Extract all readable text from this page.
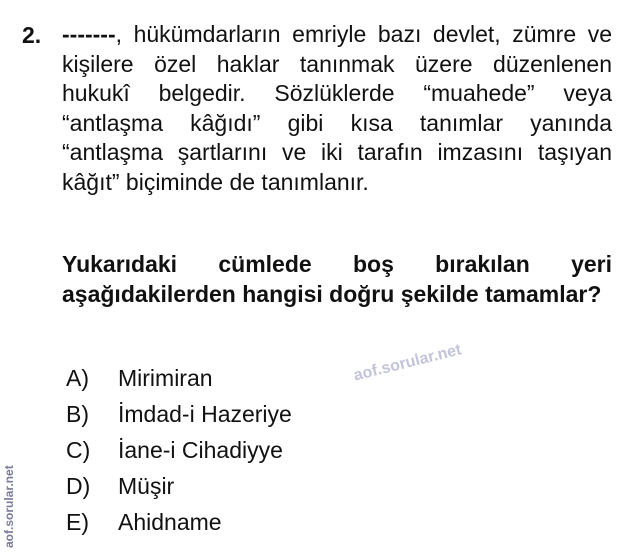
2. -------, hükümdarların emriyle bazı devlet, zümre ve kişilere özel haklar tanınmak üzere düzenlenen hukukî belgedir. Sözlüklerde “muahede” veya “antlaşma kâğıdı” gibi kısa tanımlar yanında “antlaşma şartlarını ve iki tarafın imzasını taşıyan kâğıt” biçiminde de tanımlanır.
Yukarıdaki cümlede boş bırakılan yeri aşağıdakilerden hangisi doğru şekilde tamamlar?
A)	Mirimiran
B)	İmdad-i Hazeriye
C)	İane-i Cihadiyye
D)	Müşir
E)	Ahidname
aof.sorular.net
aof.sorular.net
